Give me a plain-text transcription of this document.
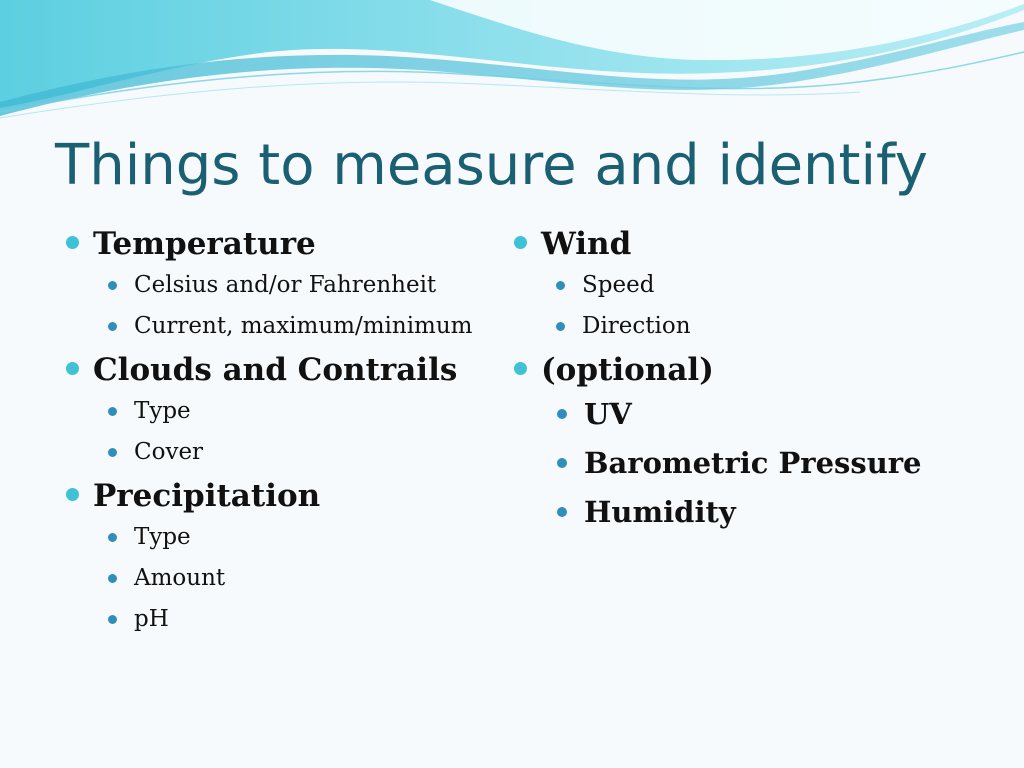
Things to measure and identify
Temperature
Celsius and/or Fahrenheit
Current, maximum/minimum
Clouds and Contrails
Type
Cover
Precipitation
Type
Amount
pH
Wind
Speed
Direction
(optional)
UV
Barometric Pressure
Humidity
